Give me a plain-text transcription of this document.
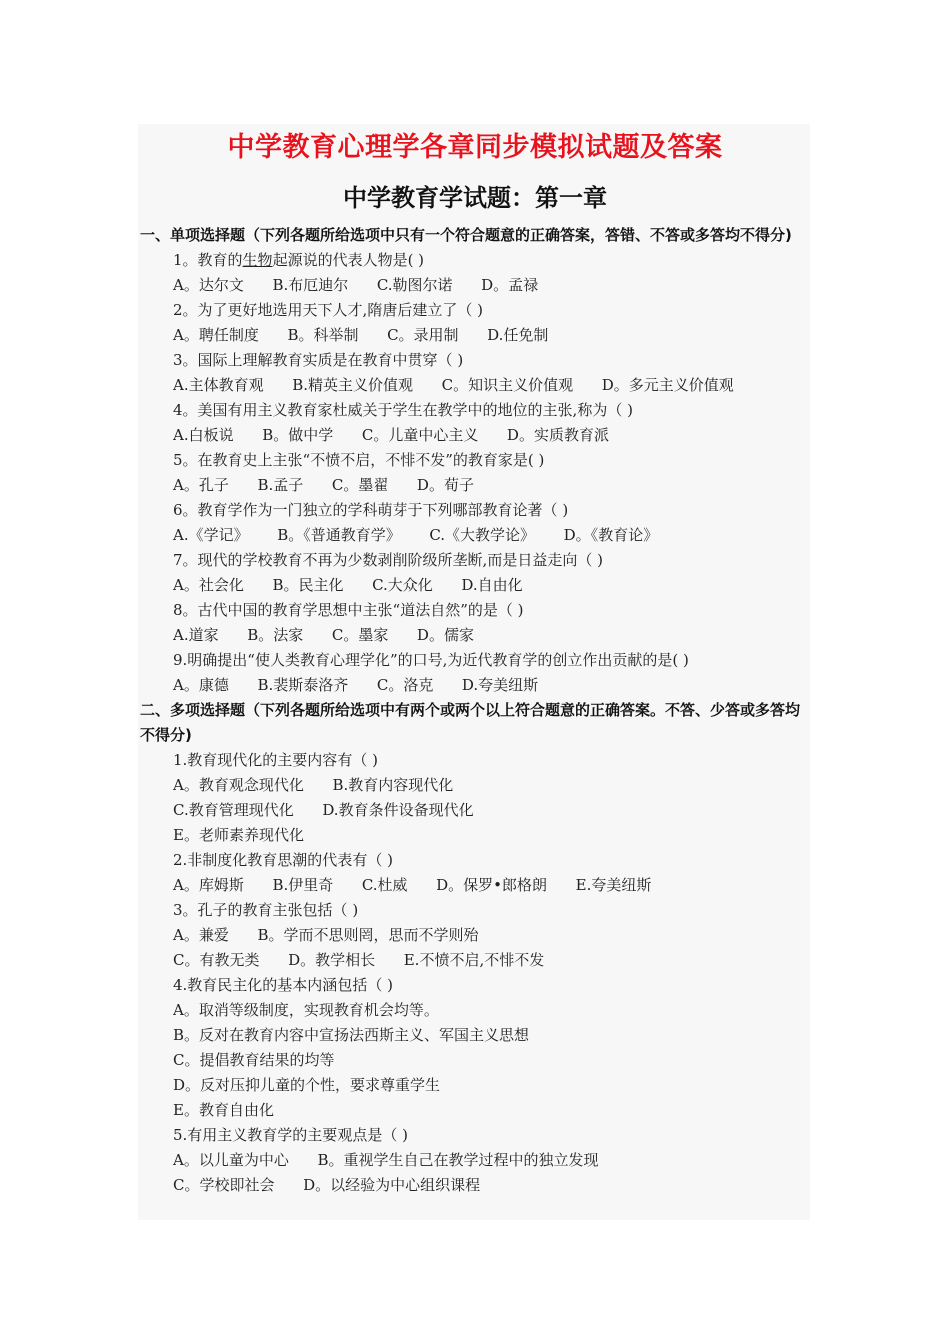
中学教育心理学各章同步模拟试题及答案
中学教育学试题：第一章

一、单项选择题（下列各题所给选项中只有一个符合题意的正确答案，答错、不答或多答均不得分)

1。教育的生物起源说的代表人物是( )
A。达尔文      B.布厄迪尔      C.勒图尔诺      D。孟禄
2。为了更好地选用天下人才,隋唐后建立了（ )
A。聘任制度      B。科举制      C。录用制      D.任免制
3。国际上理解教育实质是在教育中贯穿（ )
A.主体教育观      B.精英主义价值观      C。知识主义价值观      D。多元主义价值观
4。美国有用主义教育家杜威关于学生在教学中的地位的主张,称为（ )
A.白板说      B。做中学      C。儿童中心主义      D。实质教育派
5。在教育史上主张“不愤不启，不悱不发”的教育家是( )
A。孔子      B.孟子      C。墨翟      D。荀子
6。教育学作为一门独立的学科萌芽于下列哪部教育论著（ )
A.《学记》      B。《普通教育学》      C.《大教学论》      D。《教育论》
7。现代的学校教育不再为少数剥削阶级所垄断,而是日益走向（ )
A。社会化      B。民主化      C.大众化      D.自由化
8。古代中国的教育学思想中主张“道法自然”的是（ )
A.道家      B。法家      C。墨家      D。儒家
9.明确提出“使人类教育心理学化”的口号,为近代教育学的创立作出贡献的是( )
A。康德      B.裴斯泰洛齐      C。洛克      D.夸美纽斯

二、多项选择题（下列各题所给选项中有两个或两个以上符合题意的正确答案。不答、少答或多答均不得分)

1.教育现代化的主要内容有（ )
A。教育观念现代化      B.教育内容现代化
C.教育管理现代化      D.教育条件设备现代化
E。老师素养现代化
2.非制度化教育思潮的代表有（ )
A。库姆斯      B.伊里奇      C.杜威      D。保罗•郎格朗      E.夸美纽斯
3。孔子的教育主张包括（ )
A。兼爱      B。学而不思则罔，思而不学则殆
C。有教无类      D。教学相长      E.不愤不启,不悱不发
4.教育民主化的基本内涵包括（ )
A。取消等级制度，实现教育机会均等。
B。反对在教育内容中宣扬法西斯主义、军国主义思想
C。提倡教育结果的均等
D。反对压抑儿童的个性，要求尊重学生
E。教育自由化
5.有用主义教育学的主要观点是（ )
A。以儿童为中心      B。重视学生自己在教学过程中的独立发现
C。学校即社会      D。以经验为中心组织课程
